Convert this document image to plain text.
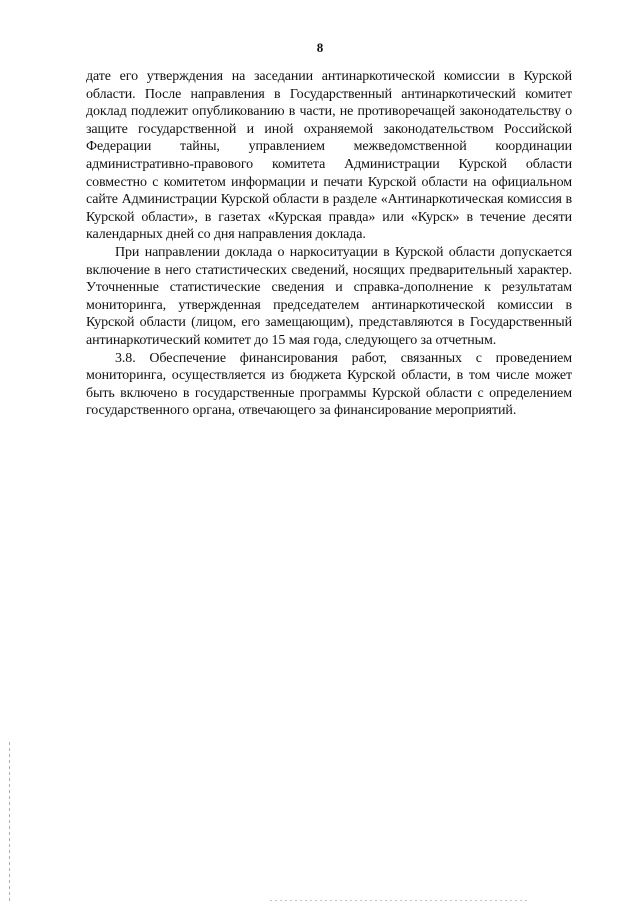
8

дате его утверждения на заседании антинаркотической комиссии в Курской области. После направления в Государственный антинаркотический комитет доклад подлежит опубликованию в части, не противоречащей законодательству о защите государственной и иной охраняемой законодательством Российской Федерации тайны, управлением межведомственной координации административно-правового комитета Администрации Курской области совместно с комитетом информации и печати Курской области на официальном сайте Администрации Курской области в разделе «Антинаркотическая комиссия в Курской области», в газетах «Курская правда» или «Курск» в течение десяти календарных дней со дня направления доклада.

При направлении доклада о наркоситуации в Курской области допускается включение в него статистических сведений, носящих предварительный характер. Уточненные статистические сведения и справка-дополнение к результатам мониторинга, утвержденная председателем антинаркотической комиссии в Курской области (лицом, его замещающим), представляются в Государственный антинаркотический комитет до 15 мая года, следующего за отчетным.

3.8. Обеспечение финансирования работ, связанных с проведением мониторинга, осуществляется из бюджета Курской области, в том числе может быть включено в государственные программы Курской области с определением государственного органа, отвечающего за финансирование мероприятий.
